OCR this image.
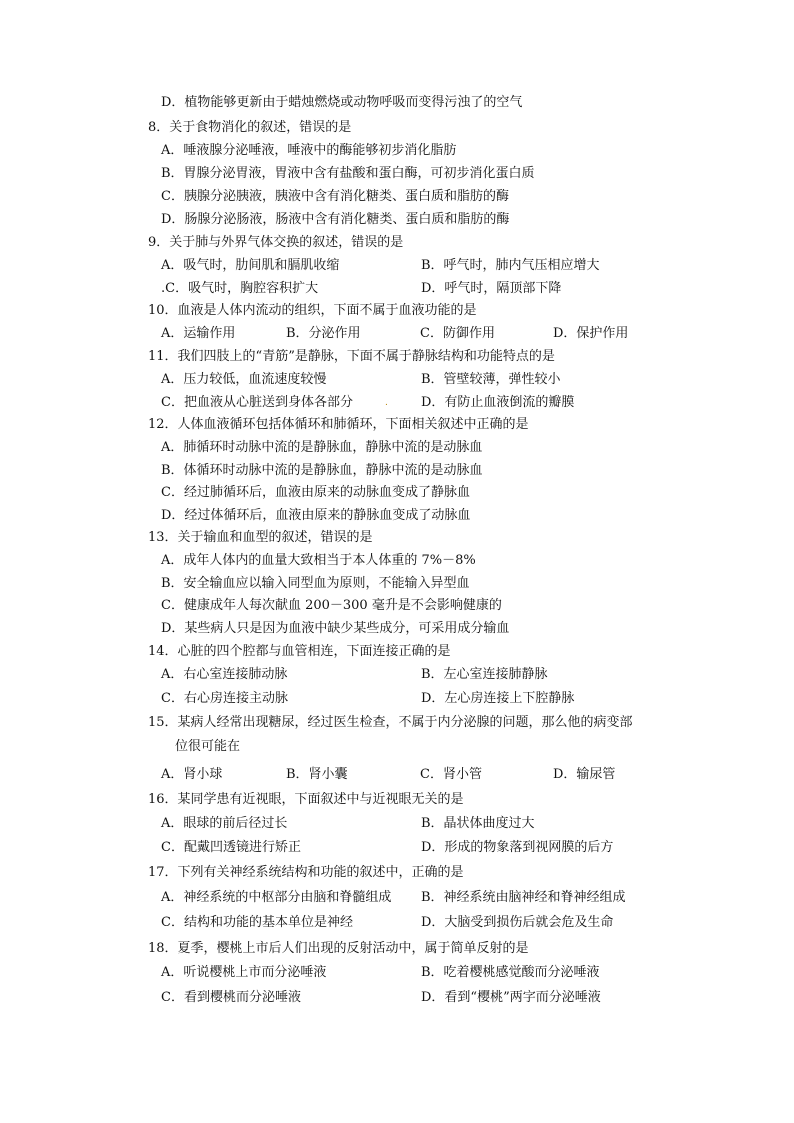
D．植物能够更新由于蜡烛燃烧或动物呼吸而变得污浊了的空气
8．关于食物消化的叙述，错误的是
A．唾液腺分泌唾液，唾液中的酶能够初步消化脂肪
B．胃腺分泌胃液，胃液中含有盐酸和蛋白酶，可初步消化蛋白质
C．胰腺分泌胰液，胰液中含有消化糖类、蛋白质和脂肪的酶
D．肠腺分泌肠液，肠液中含有消化糖类、蛋白质和脂肪的酶
9．关于肺与外界气体交换的叙述，错误的是
A．吸气时，肋间肌和膈肌收缩	B．呼气时，肺内气压相应增大
.C．吸气时，胸腔容积扩大	D．呼气时，隔顶部下降
10．血液是人体内流动的组织，下面不属于血液功能的是
A．运输作用	B．分泌作用	C．防御作用	D．保护作用
11．我们四肢上的“青筋”是静脉，下面不属于静脉结构和功能特点的是
A．压力较低，血流速度较慢	B．管壁较薄，弹性较小
C．把血液从心脏送到身体各部分	D．有防止血液倒流的瓣膜
12．人体血液循环包括体循环和肺循环，下面相关叙述中正确的是
A．肺循环时动脉中流的是静脉血，静脉中流的是动脉血
B．体循环时动脉中流的是静脉血，静脉中流的是动脉血
C．经过肺循环后，血液由原来的动脉血变成了静脉血
D．经过体循环后，血液由原来的静脉血变成了动脉血
13．关于输血和血型的叙述，错误的是
A．成年人体内的血量大致相当于本人体重的 7%－8%
B．安全输血应以输入同型血为原则，不能输入异型血
C．健康成年人每次献血 200－300 毫升是不会影响健康的
D．某些病人只是因为血液中缺少某些成分，可采用成分输血
14．心脏的四个腔都与血管相连，下面连接正确的是
A．右心室连接肺动脉	B．左心室连接肺静脉
C．右心房连接主动脉	D．左心房连接上下腔静脉
15．某病人经常出现糖尿，经过医生检查，不属于内分泌腺的问题，那么他的病变部
位很可能在
A．肾小球	B．肾小囊	C．肾小管	D．输尿管
16．某同学患有近视眼，下面叙述中与近视眼无关的是
A．眼球的前后径过长	B．晶状体曲度过大
C．配戴凹透镜进行矫正	D．形成的物象落到视网膜的后方
17．下列有关神经系统结构和功能的叙述中，正确的是
A．神经系统的中枢部分由脑和脊髓组成 B．神经系统由脑神经和脊神经组成
C．结构和功能的基本单位是神经	D．大脑受到损伤后就会危及生命
18．夏季，樱桃上市后人们出现的反射活动中，属于简单反射的是
A．听说樱桃上市而分泌唾液	B．吃着樱桃感觉酸而分泌唾液
C．看到樱桃而分泌唾液	D．看到“樱桃”两字而分泌唾液
.
